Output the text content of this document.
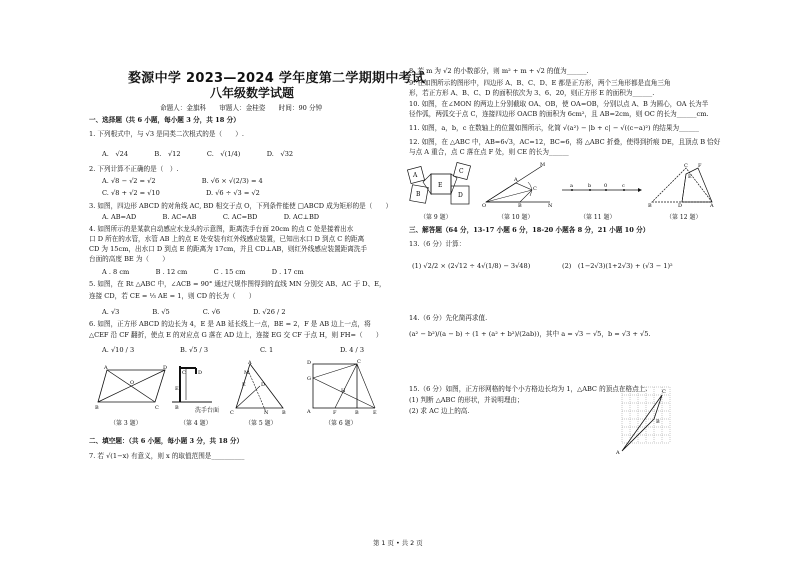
婺源中学 2023—2024 学年度第二学期期中考试
八年级数学试题
命题人：金旗科　　审题人：金桂姿　　时间：90 分钟
一、选择题（共 6 小题，每小题 3 分，共 18 分）
1. 下列根式中，与 √3 是同类二次根式的是（　　）.
A.　√24　　　　B.　√12　　　　C.　√(1/4)　　　　D.　√32
2. 下列计算不正确的是（　）.
A. √8 − √2 = √2　　　　　　　B. √6 × √(2/3) = 4
C. √8 + √2 = √10　　　　　　　D. √6 ÷ √3 = √2
3. 如图，四边形 ABCD 的对角线 AC, BD 相交于点 O，下列条件能使 □ABCD 成为矩形的是（　　）
A. AB=AD　　　　B. AC=AB　　　　C. AC=BD　　　　D. AC⊥BD
4. 如图所示的是某款自动感应水龙头的示意图，距离洗手台面 20cm 的点 C 处是接着出水
口 D 所在的水管，水管 AB 上的点 E 处安装有红外线感应装置，已知出水口 D 到点 C 的距离
CD 为 15cm，出水口 D 到点 E 的距离为 17cm，并且 CD⊥AB，则红外线感应装置距离洗手
台面的高度 BE 为（　　）
A . 8 cm　　　　B . 12 cm　　　　C . 15 cm　　　　D . 17 cm
5. 如图，在 Rt △ABC 中，∠ACB = 90° 通过尺规作图得到的直线 MN 分别交 AB、AC 于 D、E，
连接 CD，若 CE = ⅓ AE = 1，则 CD 的长为（　　）
A. √3　　　　　B. √5　　　　　C. √6　　　　　D. √26 / 2
6. 如图，正方形 ABCD 的边长为 4，E 是 AB 延长线上一点，BE = 2，F 是 AB 边上一点，将
△CEF 沿 CF 翻折，使点 E 的对应点 G 落在 AD 边上，连接 EG 交 CF 于点 H，则 FH=（　　）
A. √10 / 3	B. √5 / 3	C. 1	D. 4 / 3
A	D
B	C
O
（第 3 题）
D
C
E
B	洗手台面
（第 4 题）
A
C	B
E	D
M
N
（第 5 题）
D	C
G
A	F	B	E
H
（第 6 题）
二、填空题：（共 6 小题，每小题 3 分，共 18 分）
7. 若 √(1−x) 有意义，则 x 的取值范围是__________
8. 若 m 为 √2 的小数部分，则 m² + m + √2 的值为______.
9. 在如图所示的图形中，四边形 A、B、C、D、E 都是正方形，两个三角形都是直角三角
形，若正方形 A、B、C、D 的面积依次为 3、6、20，则正方形 E 的面积为______.
10. 如图，在∠MON 的两边上分别截取 OA、OB，使 OA=OB，分别以点 A、B 为圆心，OA 长为半
径作弧，两弧交于点 C，连接四边形 OACB 的面积为 6cm²，且 AB=2cm，则 OC 的长为______cm.
11. 如图，a，b，c 在数轴上的位置如图所示，化简 √(a²) − |b + c| − √((c−a)²) 的结果为______
12. 如图，在 △ABC 中，AB=6√3，AC=12，BC=6，将 △ABC 折叠，使得到折痕 DE，且顶点 B 恰好
与点 A 重合，点 C 落在点 F 处，则 CE 的长为______
A
B
E
C
D
（第 9 题）
O
M
N
A
C
B
（第 10 题）
a	b	0	c
（第 11 题）
B	D	A
C F
E
（第 12 题）
三、解答题（64 分，13-17 小题 6 分，18-20 小题各 8 分，21 小题 10 分）
13.（6 分）计算：
(1) √2/2 × (2√12 ÷ 4√(1/8) − 3√48)	(2)　(1−2√3)(1+2√3) + (√3 − 1)²
14.（6 分）先化简再求值.
(a² − b²)/(a − b) ÷ (1 + (a² + b²)/(2ab))，其中 a = √3 − √5，b = √3 + √5.
15.（6 分）如图，正方形网格的每个小方格边长均为 1，△ABC 的顶点在格点上.
(1) 判断 △ABC 的形状，并说明理由；
(2) 求 AC 边上的高.
A
C
B
第 1 页 • 共 2 页
